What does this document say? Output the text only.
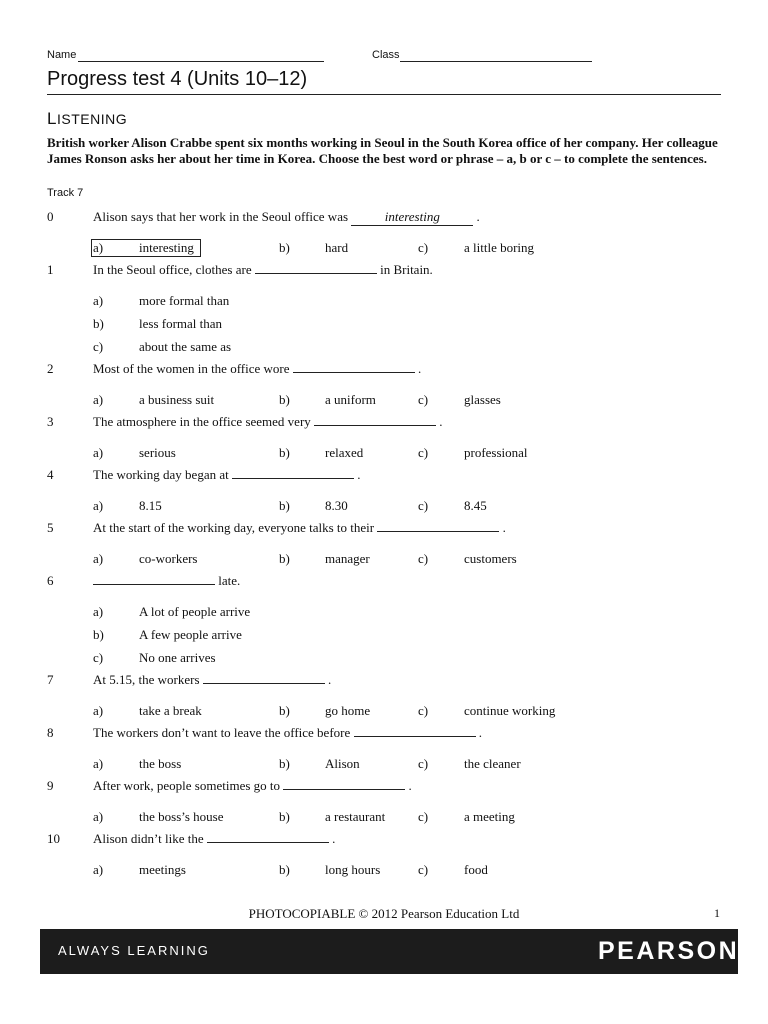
Name	Class
Progress test 4 (Units 10–12)
LISTENING
British worker Alison Crabbe spent six months working in Seoul in the South Korea office of her company. Her colleague James Ronson asks her about her time in Korea. Choose the best word or phrase – a, b or c – to complete the sentences.
Track 7
0	Alison says that her work in the Seoul office was	interesting	.
a)	interesting	b)	hard	c)	a little boring
1	In the Seoul office, clothes are	in Britain.
a)	more formal than
b)	less formal than
c)	about the same as
2	Most of the women in the office wore	.
a)	a business suit	b)	a uniform	c)	glasses
3	The atmosphere in the office seemed very	.
a)	serious	b)	relaxed	c)	professional
4	The working day began at	.
a)	8.15	b)	8.30	c)	8.45
5	At the start of the working day, everyone talks to their	.
a)	co-workers	b)	manager	c)	customers
6	late.
a)	A lot of people arrive
b)	A few people arrive
c)	No one arrives
7	At 5.15, the workers	.
a)	take a break	b)	go home	c)	continue working
8	The workers don’t want to leave the office before	.
a)	the boss	b)	Alison	c)	the cleaner
9	After work, people sometimes go to	.
a)	the boss’s house	b)	a restaurant	c)	a meeting
10	Alison didn’t like the	.
a)	meetings	b)	long hours	c)	food
PHOTOCOPIABLE © 2012 Pearson Education Ltd	1
ALWAYS LEARNING	PEARSON
